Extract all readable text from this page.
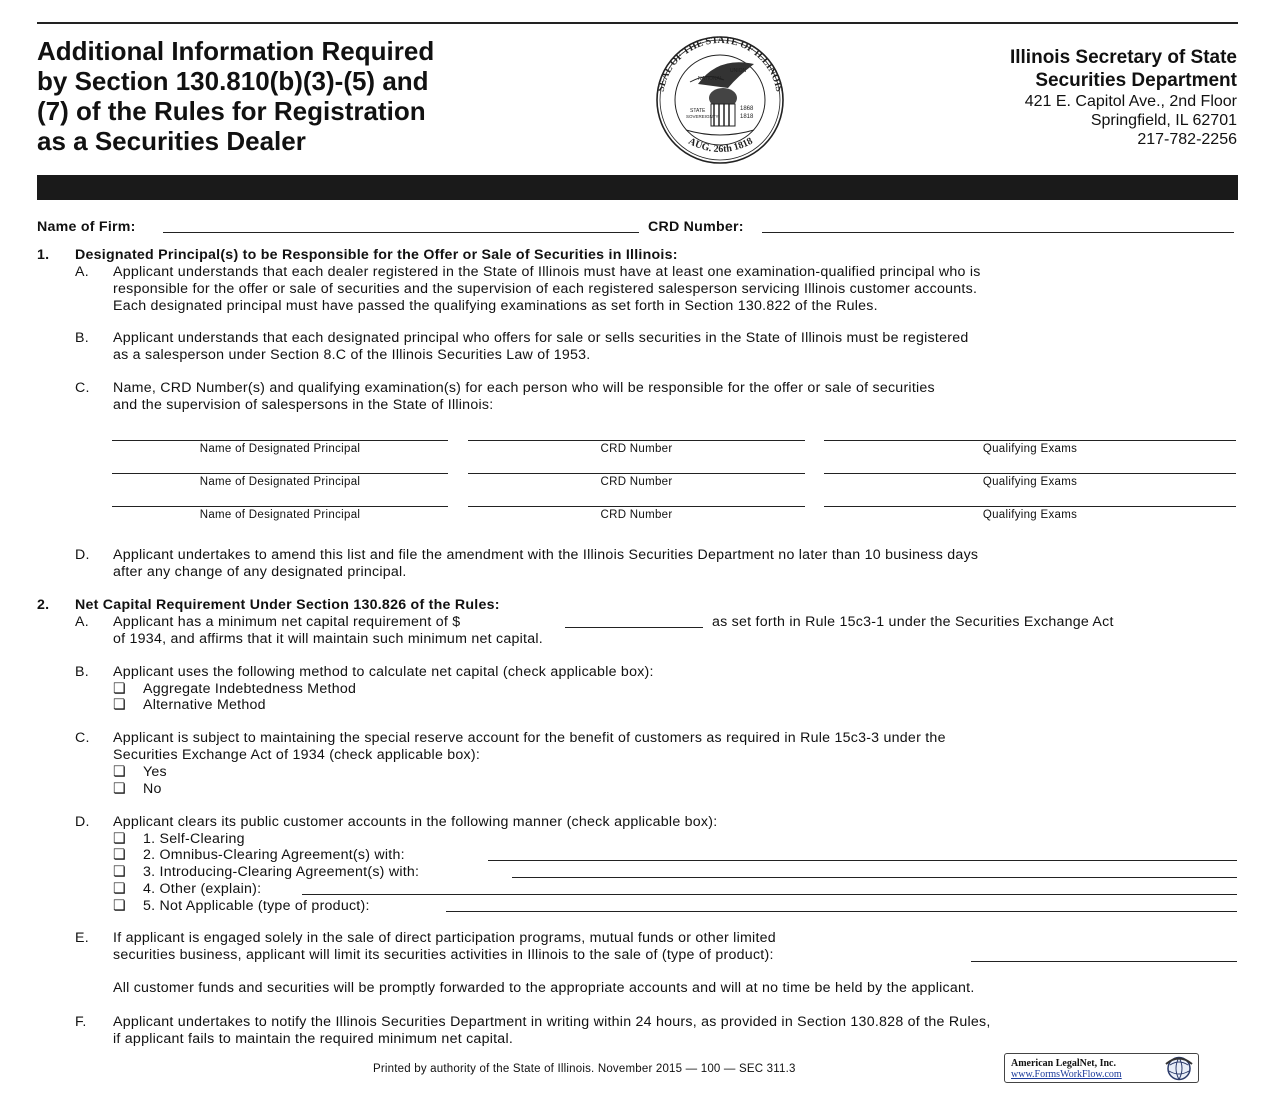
Additional Information Required
by Section 130.810(b)(3)-(5) and
(7) of the Rules for Registration
as a Securities Dealer
SEAL OF THE STATE OF ILLINOIS
AUG. 26th 1818
NATIONAL
UNION
STATE
SOVEREIGNTY
1868
1818
Illinois Secretary of State
Securities Department
421 E. Capitol Ave., 2nd Floor
Springfield, IL 62701
217-782-2256
Name of Firm:	CRD Number:
1. Designated Principal(s) to be Responsible for the Offer or Sale of Securities in Illinois:
A. Applicant understands that each dealer registered in the State of Illinois must have at least one examination-qualified principal who is
responsible for the offer or sale of securities and the supervision of each registered salesperson servicing Illinois customer accounts.
Each designated principal must have passed the qualifying examinations as set forth in Section 130.822 of the Rules.
B. Applicant understands that each designated principal who offers for sale or sells securities in the State of Illinois must be registered
as a salesperson under Section 8.C of the Illinois Securities Law of 1953.
C. Name, CRD Number(s) and qualifying examination(s) for each person who will be responsible for the offer or sale of securities
and the supervision of salespersons in the State of Illinois:
Name of Designated Principal	CRD Number	Qualifying Exams
Name of Designated Principal	CRD Number	Qualifying Exams
Name of Designated Principal	CRD Number	Qualifying Exams
D. Applicant undertakes to amend this list and file the amendment with the Illinois Securities Department no later than 10 business days
after any change of any designated principal.
2. Net Capital Requirement Under Section 130.826 of the Rules:
A. Applicant has a minimum net capital requirement of $	as set forth in Rule 15c3-1 under the Securities Exchange Act
of 1934, and affirms that it will maintain such minimum net capital.
B. Applicant uses the following method to calculate net capital (check applicable box):
❏ Aggregate Indebtedness Method
❏ Alternative Method
C. Applicant is subject to maintaining the special reserve account for the benefit of customers as required in Rule 15c3-3 under the
Securities Exchange Act of 1934 (check applicable box):
❏ Yes
❏ No
D. Applicant clears its public customer accounts in the following manner (check applicable box):
❏ 1. Self-Clearing
❏ 2. Omnibus-Clearing Agreement(s) with:
❏ 3. Introducing-Clearing Agreement(s) with:
❏ 4. Other (explain):
❏ 5. Not Applicable (type of product):
E. If applicant is engaged solely in the sale of direct participation programs, mutual funds or other limited
securities business, applicant will limit its securities activities in Illinois to the sale of (type of product):
All customer funds and securities will be promptly forwarded to the appropriate accounts and will at no time be held by the applicant.
F. Applicant undertakes to notify the Illinois Securities Department in writing within 24 hours, as provided in Section 130.828 of the Rules,
if applicant fails to maintain the required minimum net capital.
Printed by authority of the State of Illinois. November 2015 — 100 — SEC 311.3	American LegalNet, Inc.
www.FormsWorkFlow.com
